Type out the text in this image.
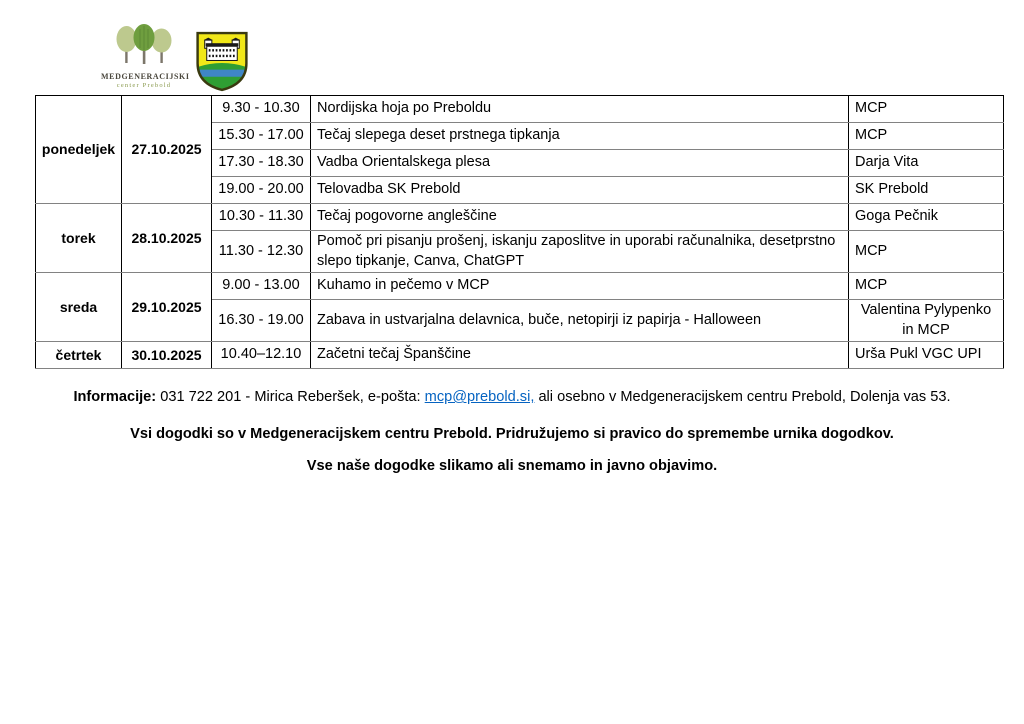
MEDGENERACIJSKI
center Prebold
ponedeljek	27.10.2025	9.30 - 10.30	Nordijska hoja po Preboldu	MCP
		15.30 - 17.00	Tečaj slepega deset prstnega tipkanja	MCP
		17.30 - 18.30	Vadba Orientalskega plesa	Darja Vita
		19.00 - 20.00	Telovadba SK Prebold	SK Prebold
torek	28.10.2025	10.30 - 11.30	Tečaj pogovorne angleščine	Goga Pečnik
		11.30 - 12.30	Pomoč pri pisanju prošenj, iskanju zaposlitve in uporabi računalnika, desetprstno slepo tipkanje, Canva, ChatGPT	MCP
sreda	29.10.2025	9.00 - 13.00	Kuhamo in pečemo v MCP	MCP
		16.30 - 19.00	Zabava in ustvarjalna delavnica, buče, netopirji iz papirja - Halloween	Valentina Pylypenko in MCP
četrtek	30.10.2025	10.40–12.10	Začetni tečaj Španščine	Urša Pukl VGC UPI
Informacije: 031 722 201 - Mirica Reberšek, e-pošta: mcp@prebold.si, ali osebno v Medgeneracijskem centru Prebold, Dolenja vas 53.
Vsi dogodki so v Medgeneracijskem centru Prebold. Pridružujemo si pravico do spremembe urnika dogodkov.
Vse naše dogodke slikamo ali snemamo in javno objavimo.
